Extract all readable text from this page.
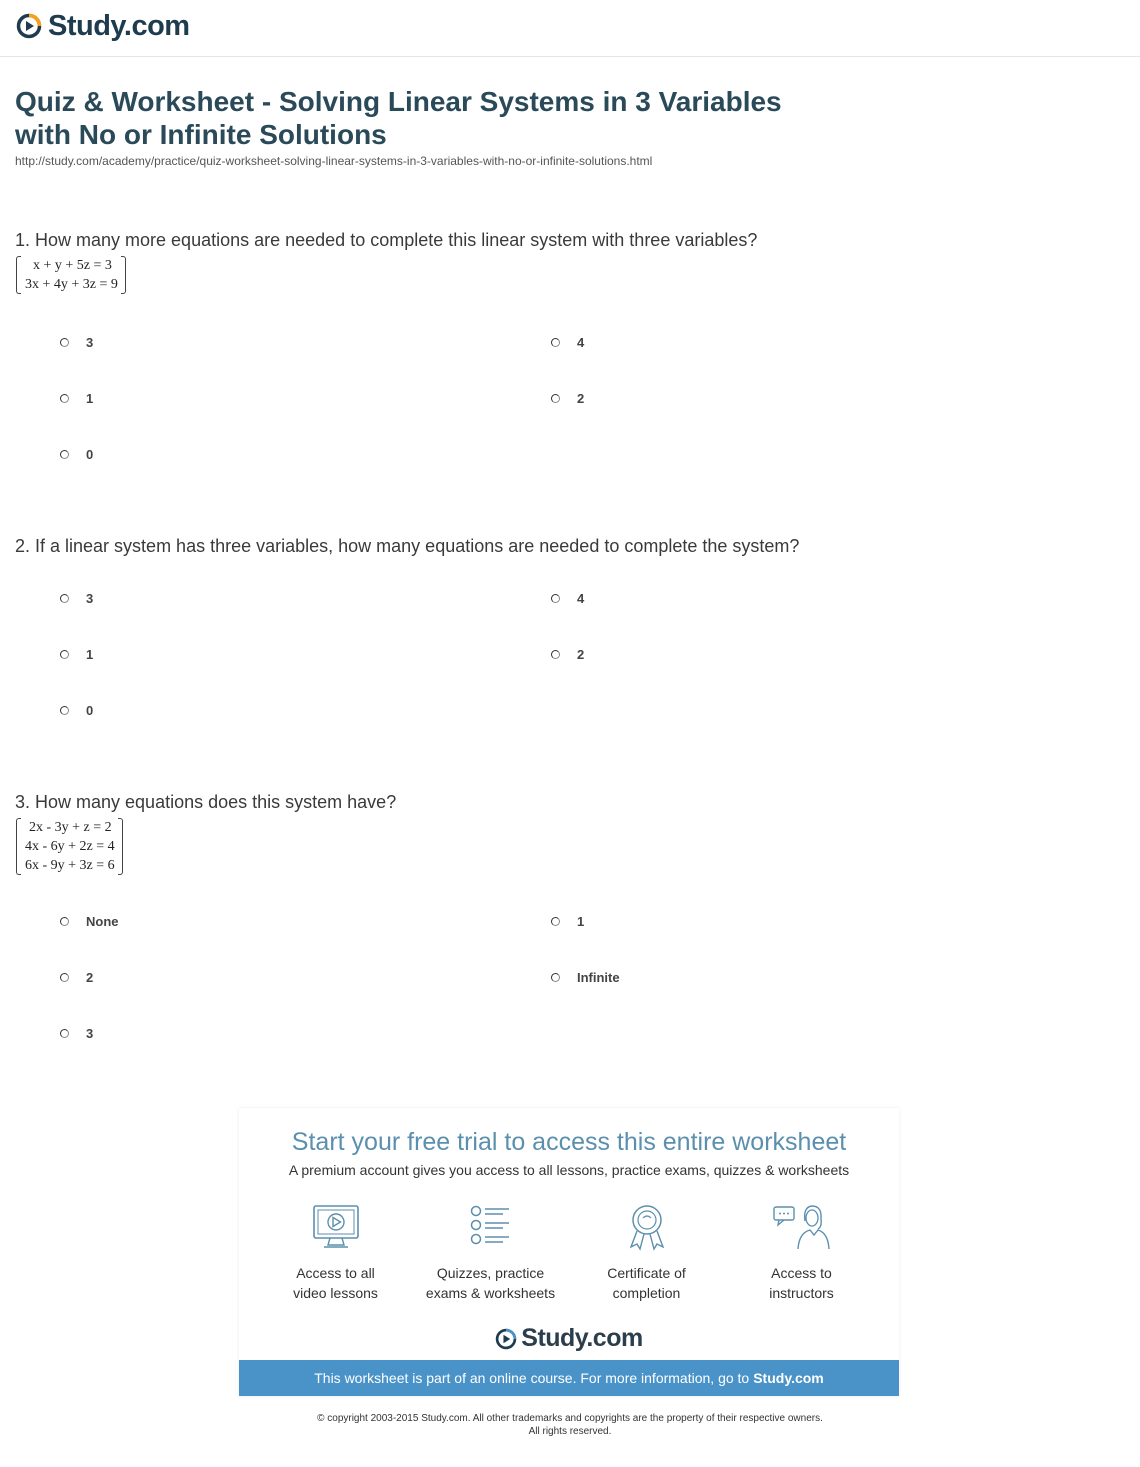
Study.com
Quiz & Worksheet - Solving Linear Systems in 3 Variables
with No or Infinite Solutions
http://study.com/academy/practice/quiz-worksheet-solving-linear-systems-in-3-variables-with-no-or-infinite-solutions.html
1. How many more equations are needed to complete this linear system with three variables?
x + y + 5z = 3
3x + 4y + 3z = 9
3	4
1	2
0
2. If a linear system has three variables, how many equations are needed to complete the system?
3	4
1	2
0
3. How many equations does this system have?
2x - 3y + z = 2
4x - 6y + 2z = 4
6x - 9y + 3z = 6
None	1
2	Infinite
3
Start your free trial to access this entire worksheet
A premium account gives you access to all lessons, practice exams, quizzes & worksheets
Access to all
video lessons
Quizzes, practice
exams & worksheets
Certificate of
completion
Access to
instructors
Study.com
This worksheet is part of an online course. For more information, go to Study.com
© copyright 2003-2015 Study.com. All other trademarks and copyrights are the property of their respective owners.
All rights reserved.
